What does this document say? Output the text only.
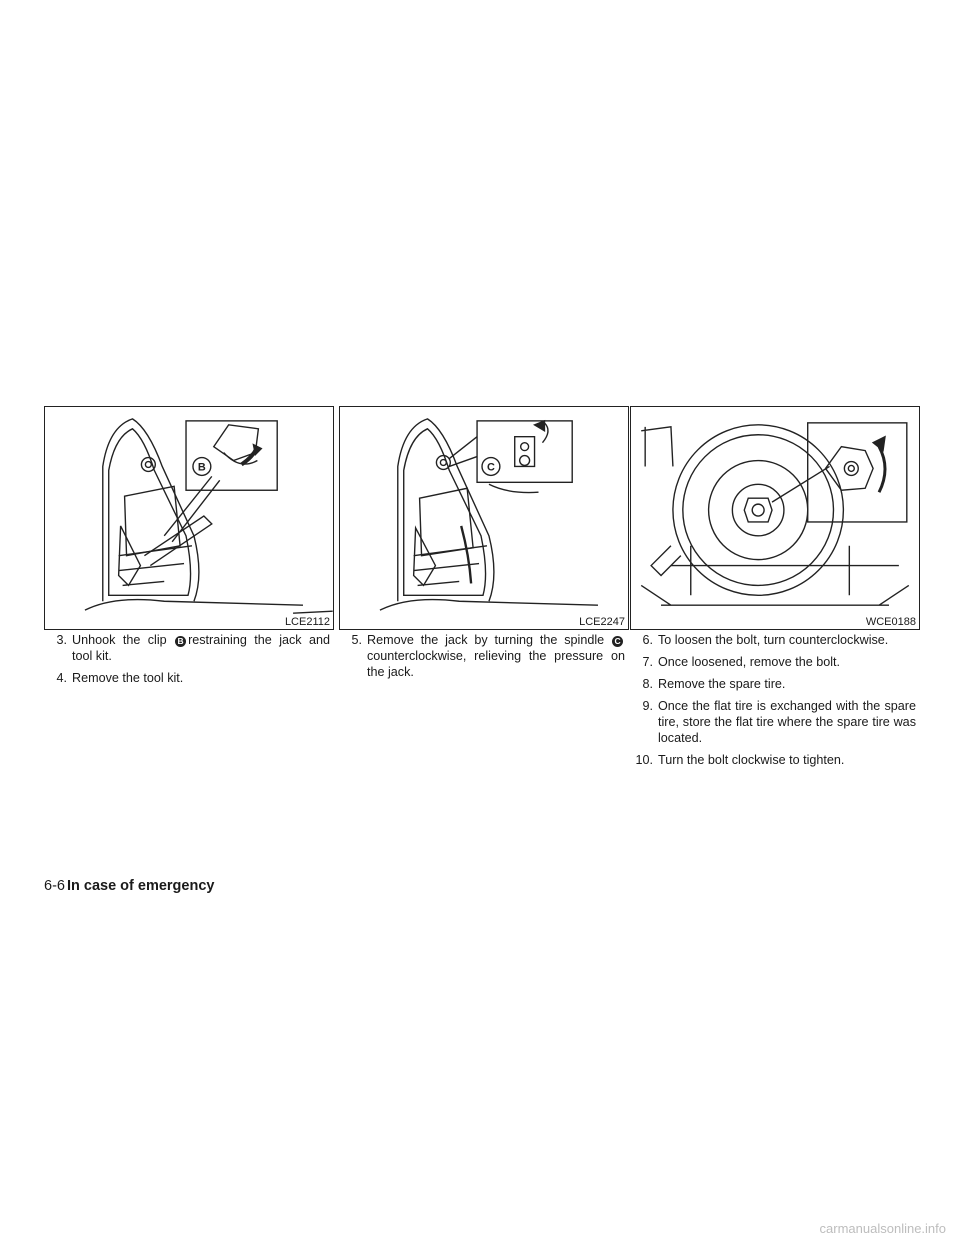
B
LCE2112
C
LCE2247	WCE0188
3. Unhook the clip B restraining the jack and tool kit.
4. Remove the tool kit.
5. Remove the jack by turning the spindle C counterclockwise, relieving the pressure on the jack.
6. To loosen the bolt, turn counterclockwise.
7. Once loosened, remove the bolt.
8. Remove the spare tire.
9. Once the flat tire is exchanged with the spare tire, store the flat tire where the spare tire was located.
10. Turn the bolt clockwise to tighten.
6-6 In case of emergency
carmanualsonline.info
